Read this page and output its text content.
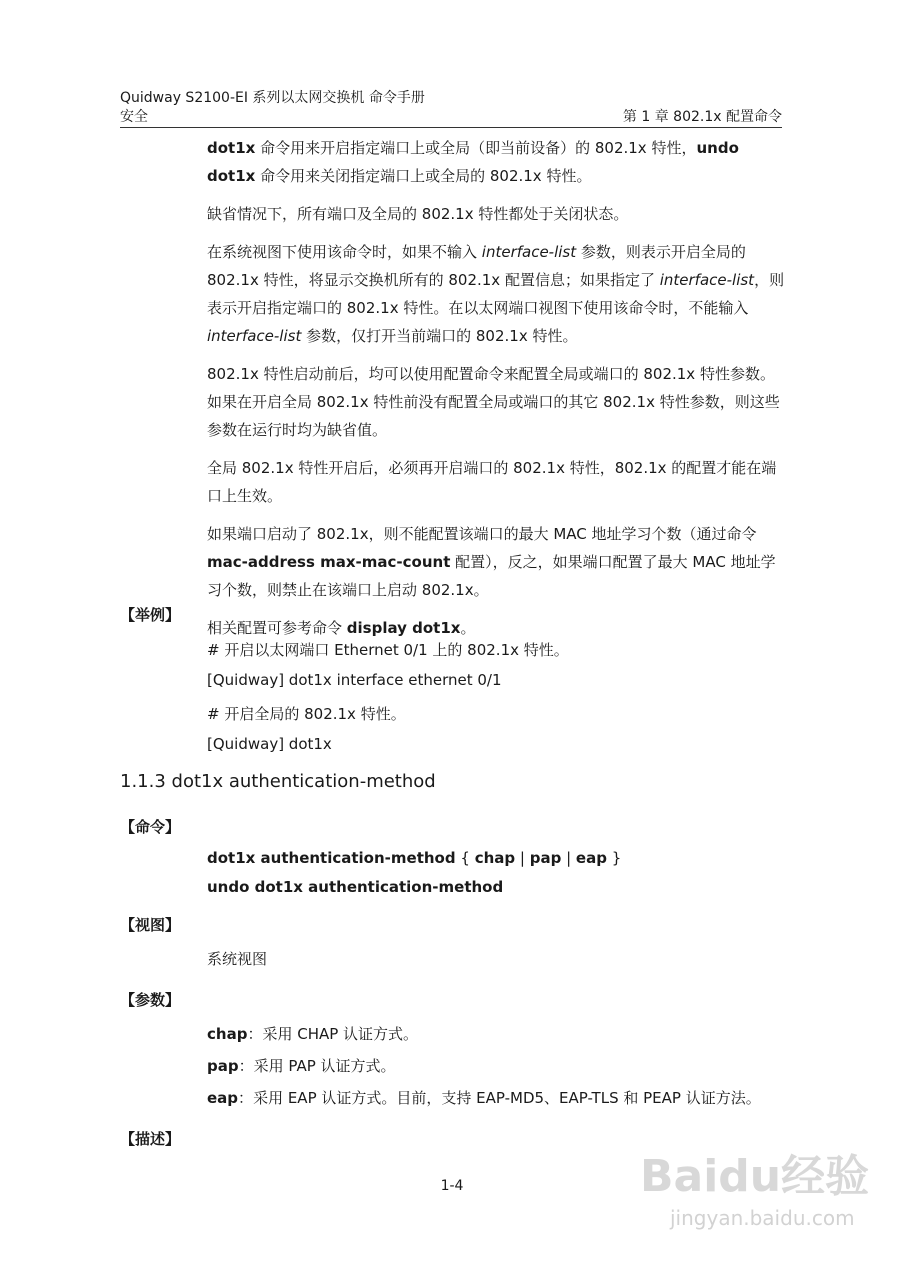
Quidway S2100-EI 系列以太网交换机 命令手册
安全	第 1 章 802.1x 配置命令

dot1x 命令用来开启指定端口上或全局（即当前设备）的 802.1x 特性，undo dot1x 命令用来关闭指定端口上或全局的 802.1x 特性。

缺省情况下，所有端口及全局的 802.1x 特性都处于关闭状态。

在系统视图下使用该命令时，如果不输入 interface-list 参数，则表示开启全局的 802.1x 特性，将显示交换机所有的 802.1x 配置信息；如果指定了 interface-list，则表示开启指定端口的 802.1x 特性。在以太网端口视图下使用该命令时，不能输入 interface-list 参数，仅打开当前端口的 802.1x 特性。

802.1x 特性启动前后，均可以使用配置命令来配置全局或端口的 802.1x 特性参数。如果在开启全局 802.1x 特性前没有配置全局或端口的其它 802.1x 特性参数，则这些参数在运行时均为缺省值。

全局 802.1x 特性开启后，必须再开启端口的 802.1x 特性，802.1x 的配置才能在端口上生效。

如果端口启动了 802.1x，则不能配置该端口的最大 MAC 地址学习个数（通过命令 mac-address max-mac-count 配置），反之，如果端口配置了最大 MAC 地址学习个数，则禁止在该端口上启动 802.1x。

相关配置可参考命令 display dot1x。

【举例】
# 开启以太网端口 Ethernet 0/1 上的 802.1x 特性。
[Quidway] dot1x interface ethernet 0/1
# 开启全局的 802.1x 特性。
[Quidway] dot1x
1.1.3 dot1x authentication-method
【命令】
dot1x authentication-method { chap | pap | eap }
undo dot1x authentication-method
【视图】
系统视图
【参数】
chap：采用 CHAP 认证方式。
pap：采用 PAP 认证方式。
eap：采用 EAP 认证方式。目前，支持 EAP-MD5、EAP-TLS 和 PEAP 认证方法。
【描述】
1-4	Baidu经验
jingyan.baidu.com
